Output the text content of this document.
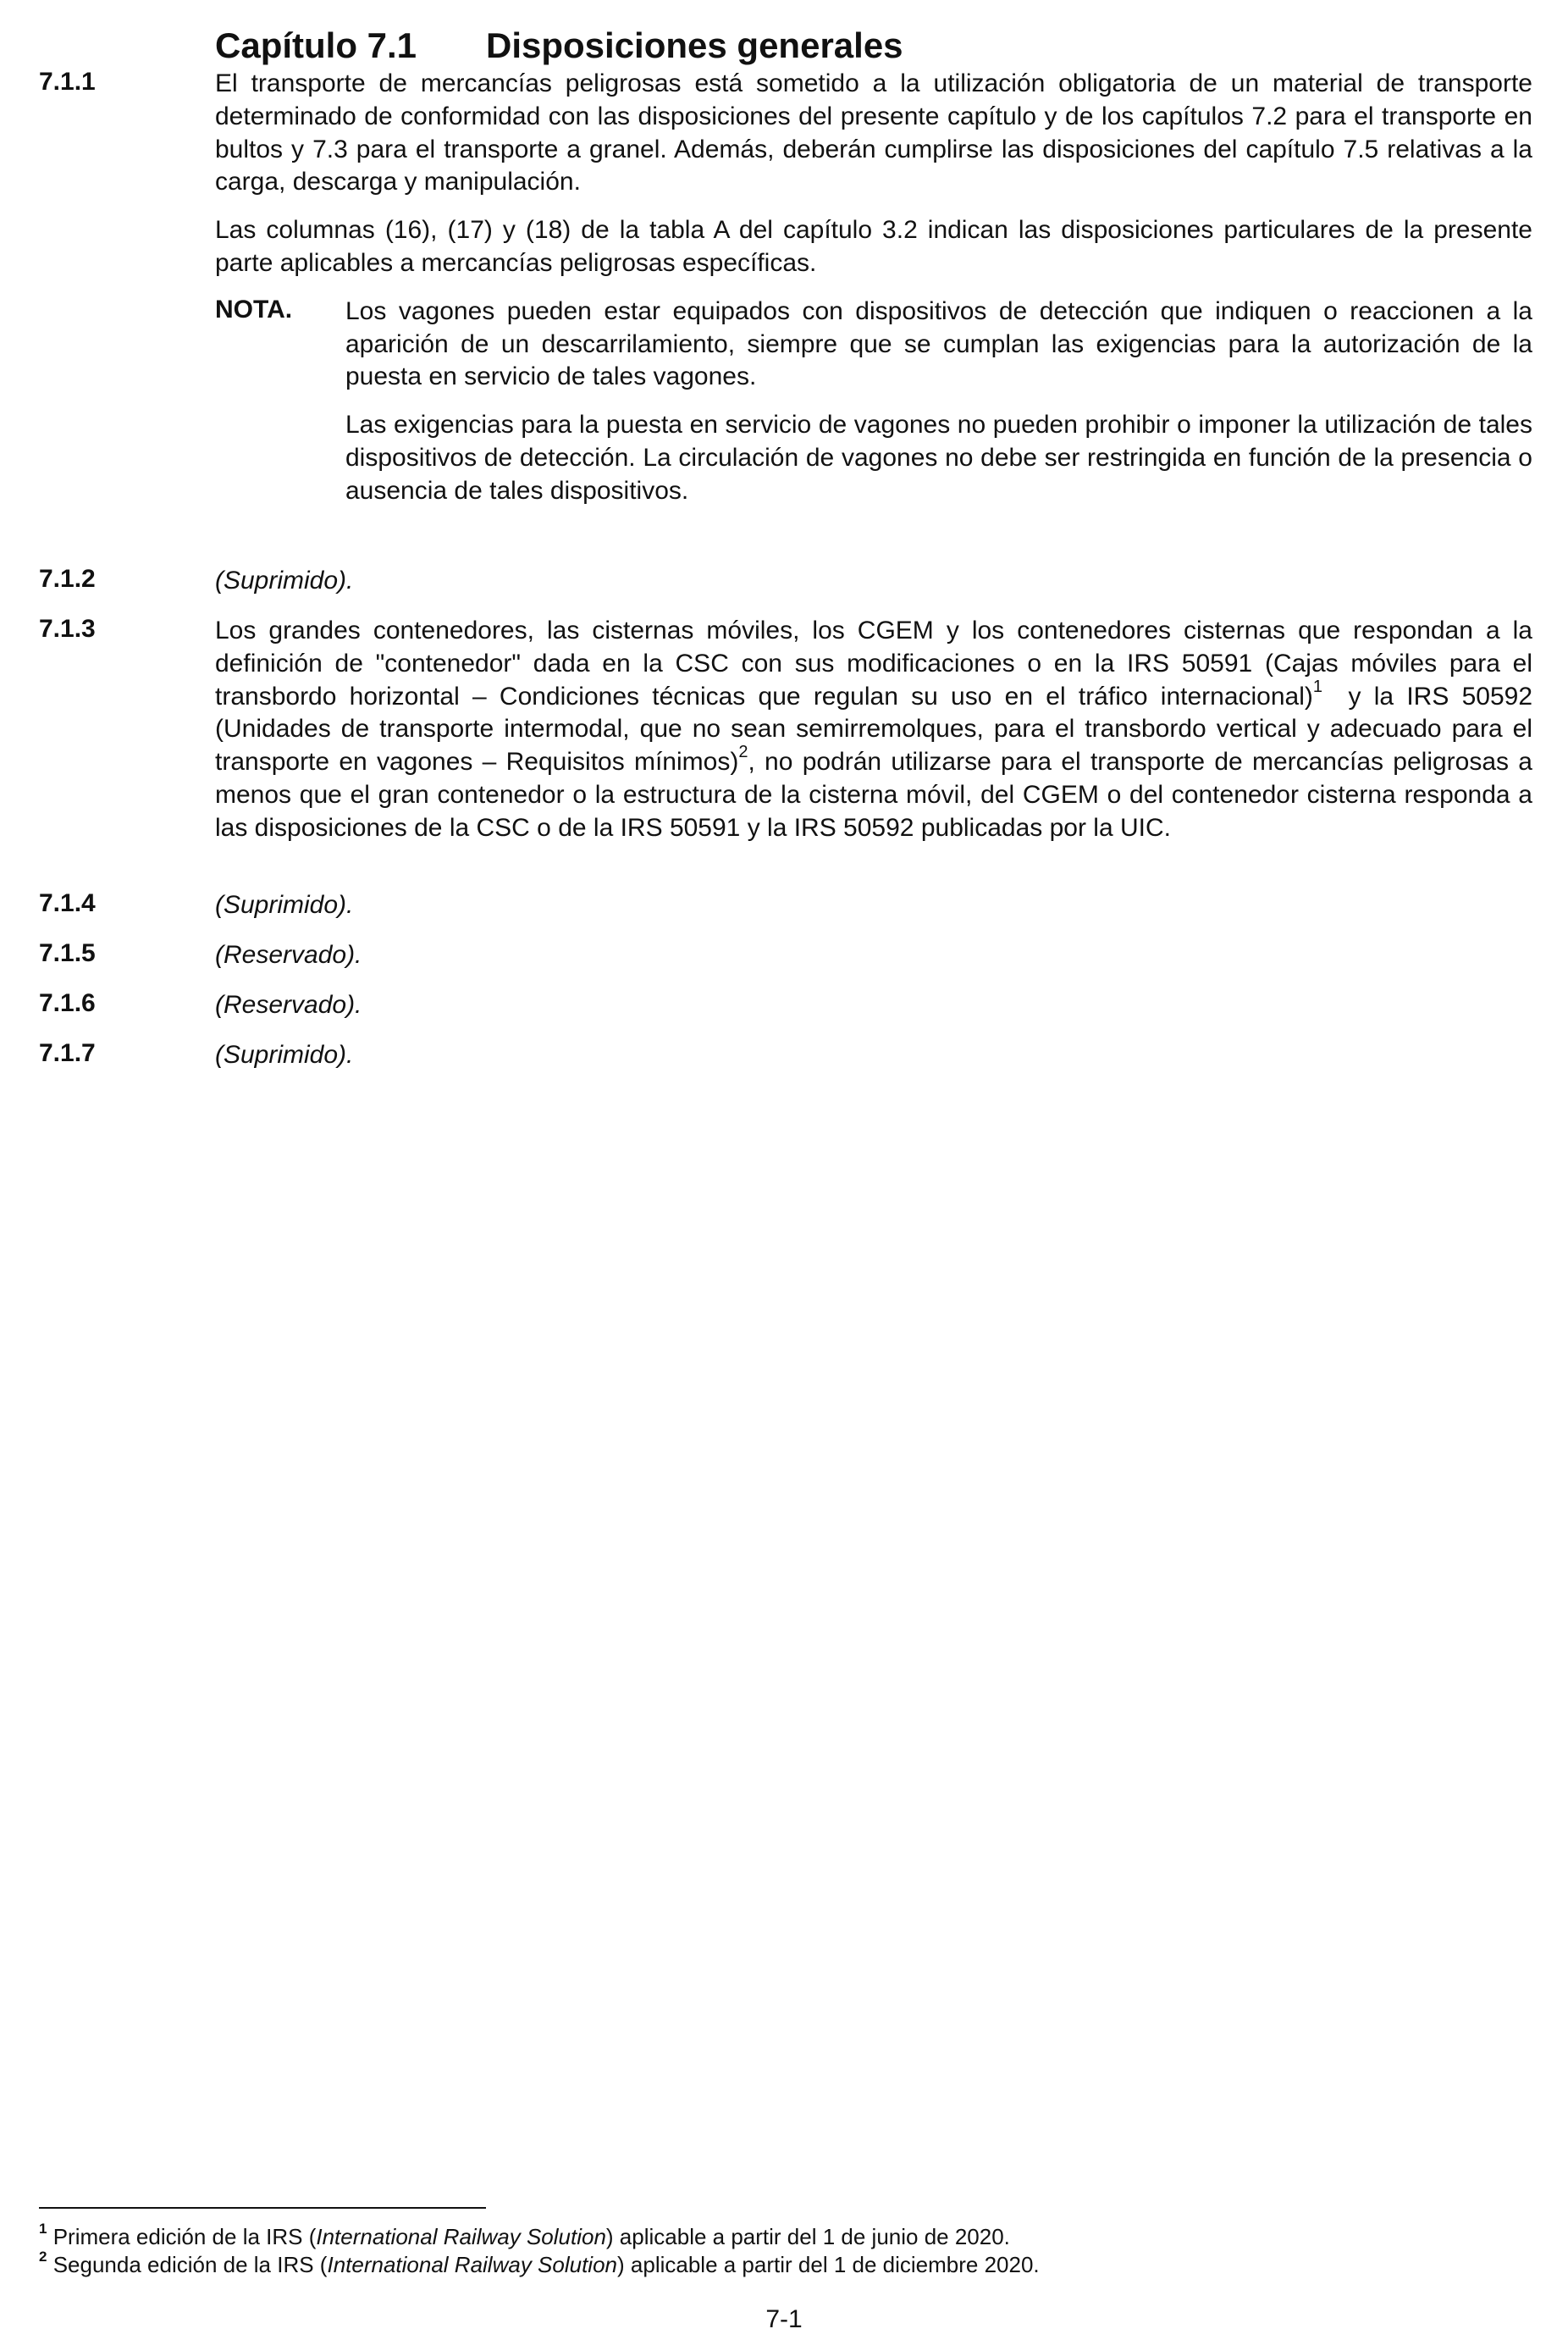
Capítulo 7.1 Disposiciones generales
7.1.1	El transporte de mercancías peligrosas está sometido a la utilización obligatoria de un material de transporte determinado de conformidad con las disposiciones del presente capítulo y de los capítulos 7.2 para el transporte en bultos y 7.3 para el transporte a granel. Además, deberán cumplirse las disposiciones del capítulo 7.5 relativas a la carga, descarga y manipulación.

Las columnas (16), (17) y (18) de la tabla A del capítulo 3.2 indican las disposiciones particulares de la presente parte aplicables a mercancías peligrosas específicas.

NOTA. Los vagones pueden estar equipados con dispositivos de detección que indiquen o reaccionen a la aparición de un descarrilamiento, siempre que se cumplan las exigencias para la autorización de la puesta en servicio de tales vagones.

Las exigencias para la puesta en servicio de vagones no pueden prohibir o imponer la utilización de tales dispositivos de detección. La circulación de vagones no debe ser restringida en función de la presencia o ausencia de tales dispositivos.

7.1.2	(Suprimido).

7.1.3	Los grandes contenedores, las cisternas móviles, los CGEM y los contenedores cisternas que respondan a la definición de "contenedor" dada en la CSC con sus modificaciones o en la IRS 50591 (Cajas móviles para el transbordo horizontal – Condiciones técnicas que regulan su uso en el tráfico internacional)$^1$  y la IRS 50592 (Unidades de transporte intermodal, que no sean semirremolques, para el transbordo vertical y adecuado para el transporte en vagones – Requisitos mínimos)$^2$, no podrán utilizarse para el transporte de mercancías peligrosas a menos que el gran contenedor o la estructura de la cisterna móvil, del CGEM o del contenedor cisterna responda a las disposiciones de la CSC o de la IRS 50591 y la IRS 50592 publicadas por la UIC.

7.1.4	(Suprimido).

7.1.5	(Reservado).

7.1.6	(Reservado).

7.1.7	(Suprimido).

$^1$ Primera edición de la IRS (International Railway Solution) aplicable a partir del 1 de junio de 2020.
$^2$ Segunda edición de la IRS (International Railway Solution) aplicable a partir del 1 de diciembre 2020.
7-1
